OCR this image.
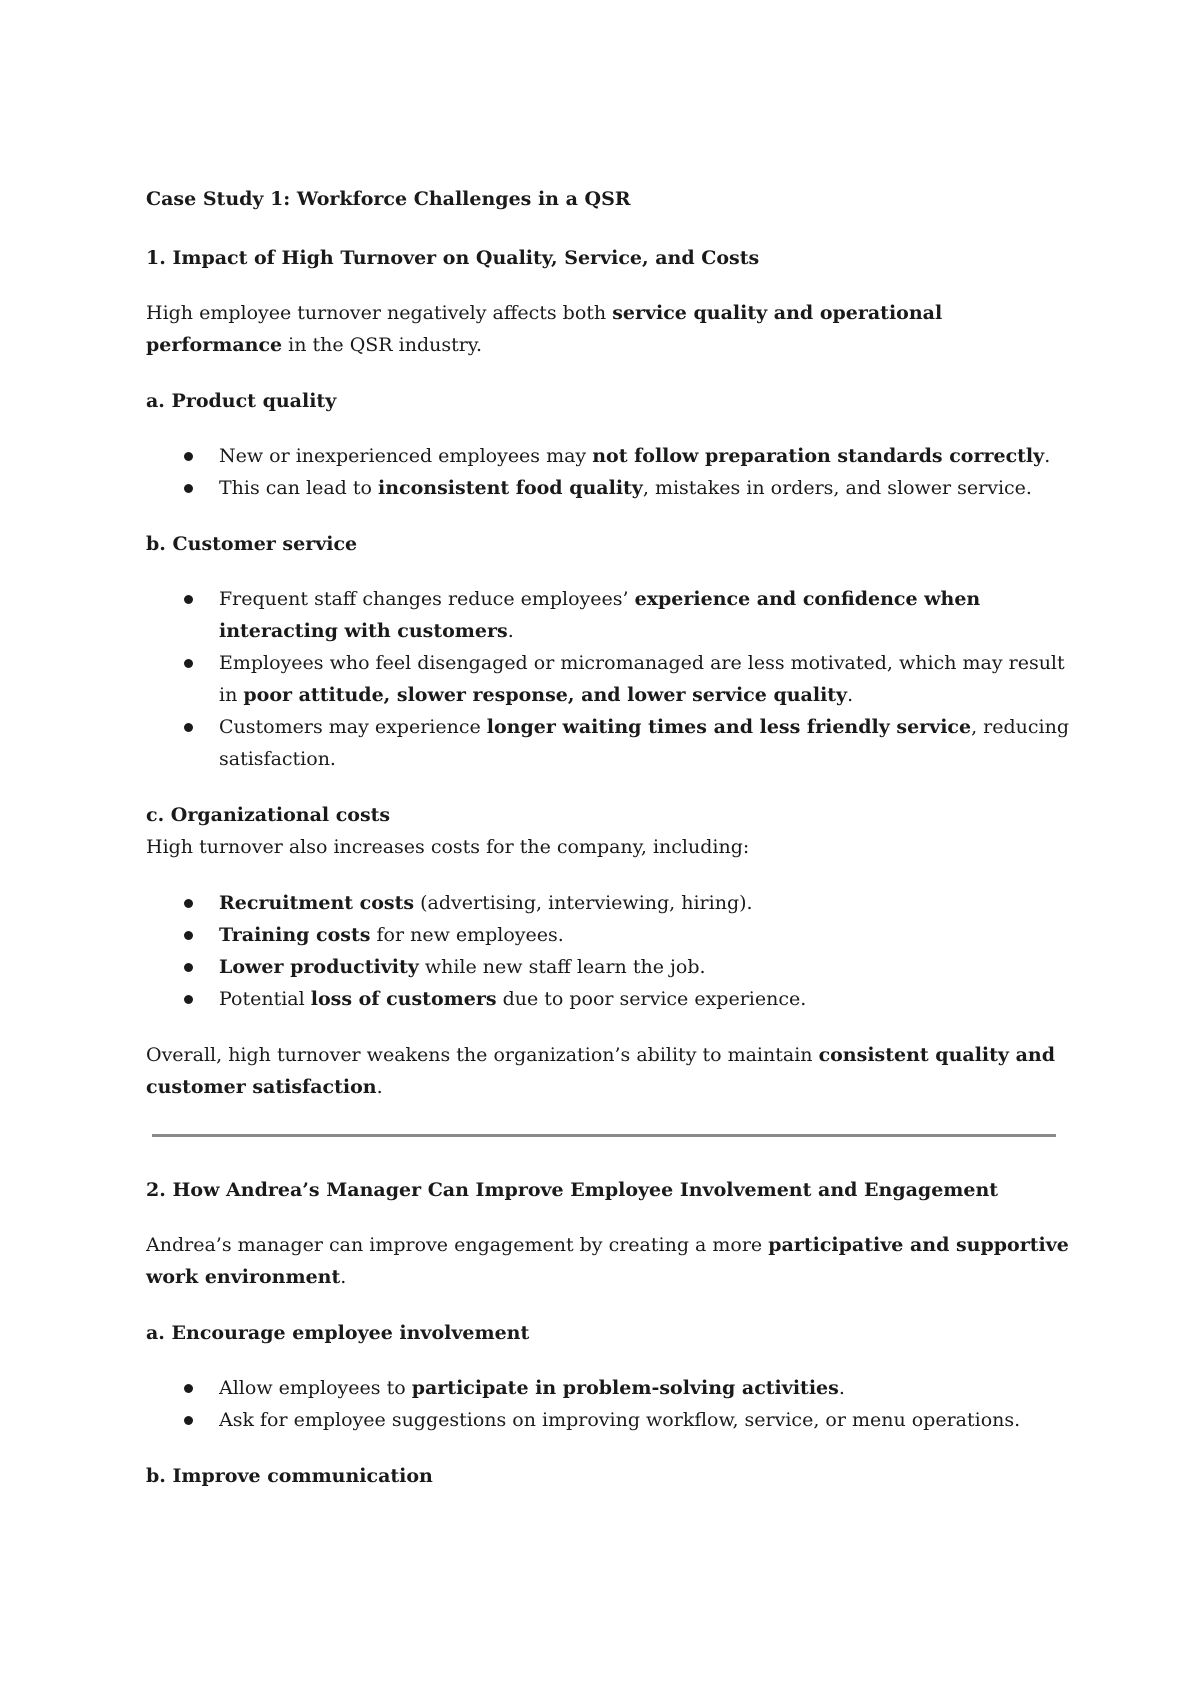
Case Study 1: Workforce Challenges in a QSR

1. Impact of High Turnover on Quality, Service, and Costs

High employee turnover negatively affects both service quality and operational performance in the QSR industry.

a. Product quality

New or inexperienced employees may not follow preparation standards correctly.
This can lead to inconsistent food quality, mistakes in orders, and slower service.

b. Customer service

Frequent staff changes reduce employees’ experience and confidence when interacting with customers.
Employees who feel disengaged or micromanaged are less motivated, which may result in poor attitude, slower response, and lower service quality.
Customers may experience longer waiting times and less friendly service, reducing satisfaction.

c. Organizational costs

High turnover also increases costs for the company, including:

Recruitment costs (advertising, interviewing, hiring).
Training costs for new employees.
Lower productivity while new staff learn the job.
Potential loss of customers due to poor service experience.

Overall, high turnover weakens the organization’s ability to maintain consistent quality and customer satisfaction.

2. How Andrea’s Manager Can Improve Employee Involvement and Engagement

Andrea’s manager can improve engagement by creating a more participative and supportive work environment.

a. Encourage employee involvement

Allow employees to participate in problem-solving activities.
Ask for employee suggestions on improving workflow, service, or menu operations.

b. Improve communication
